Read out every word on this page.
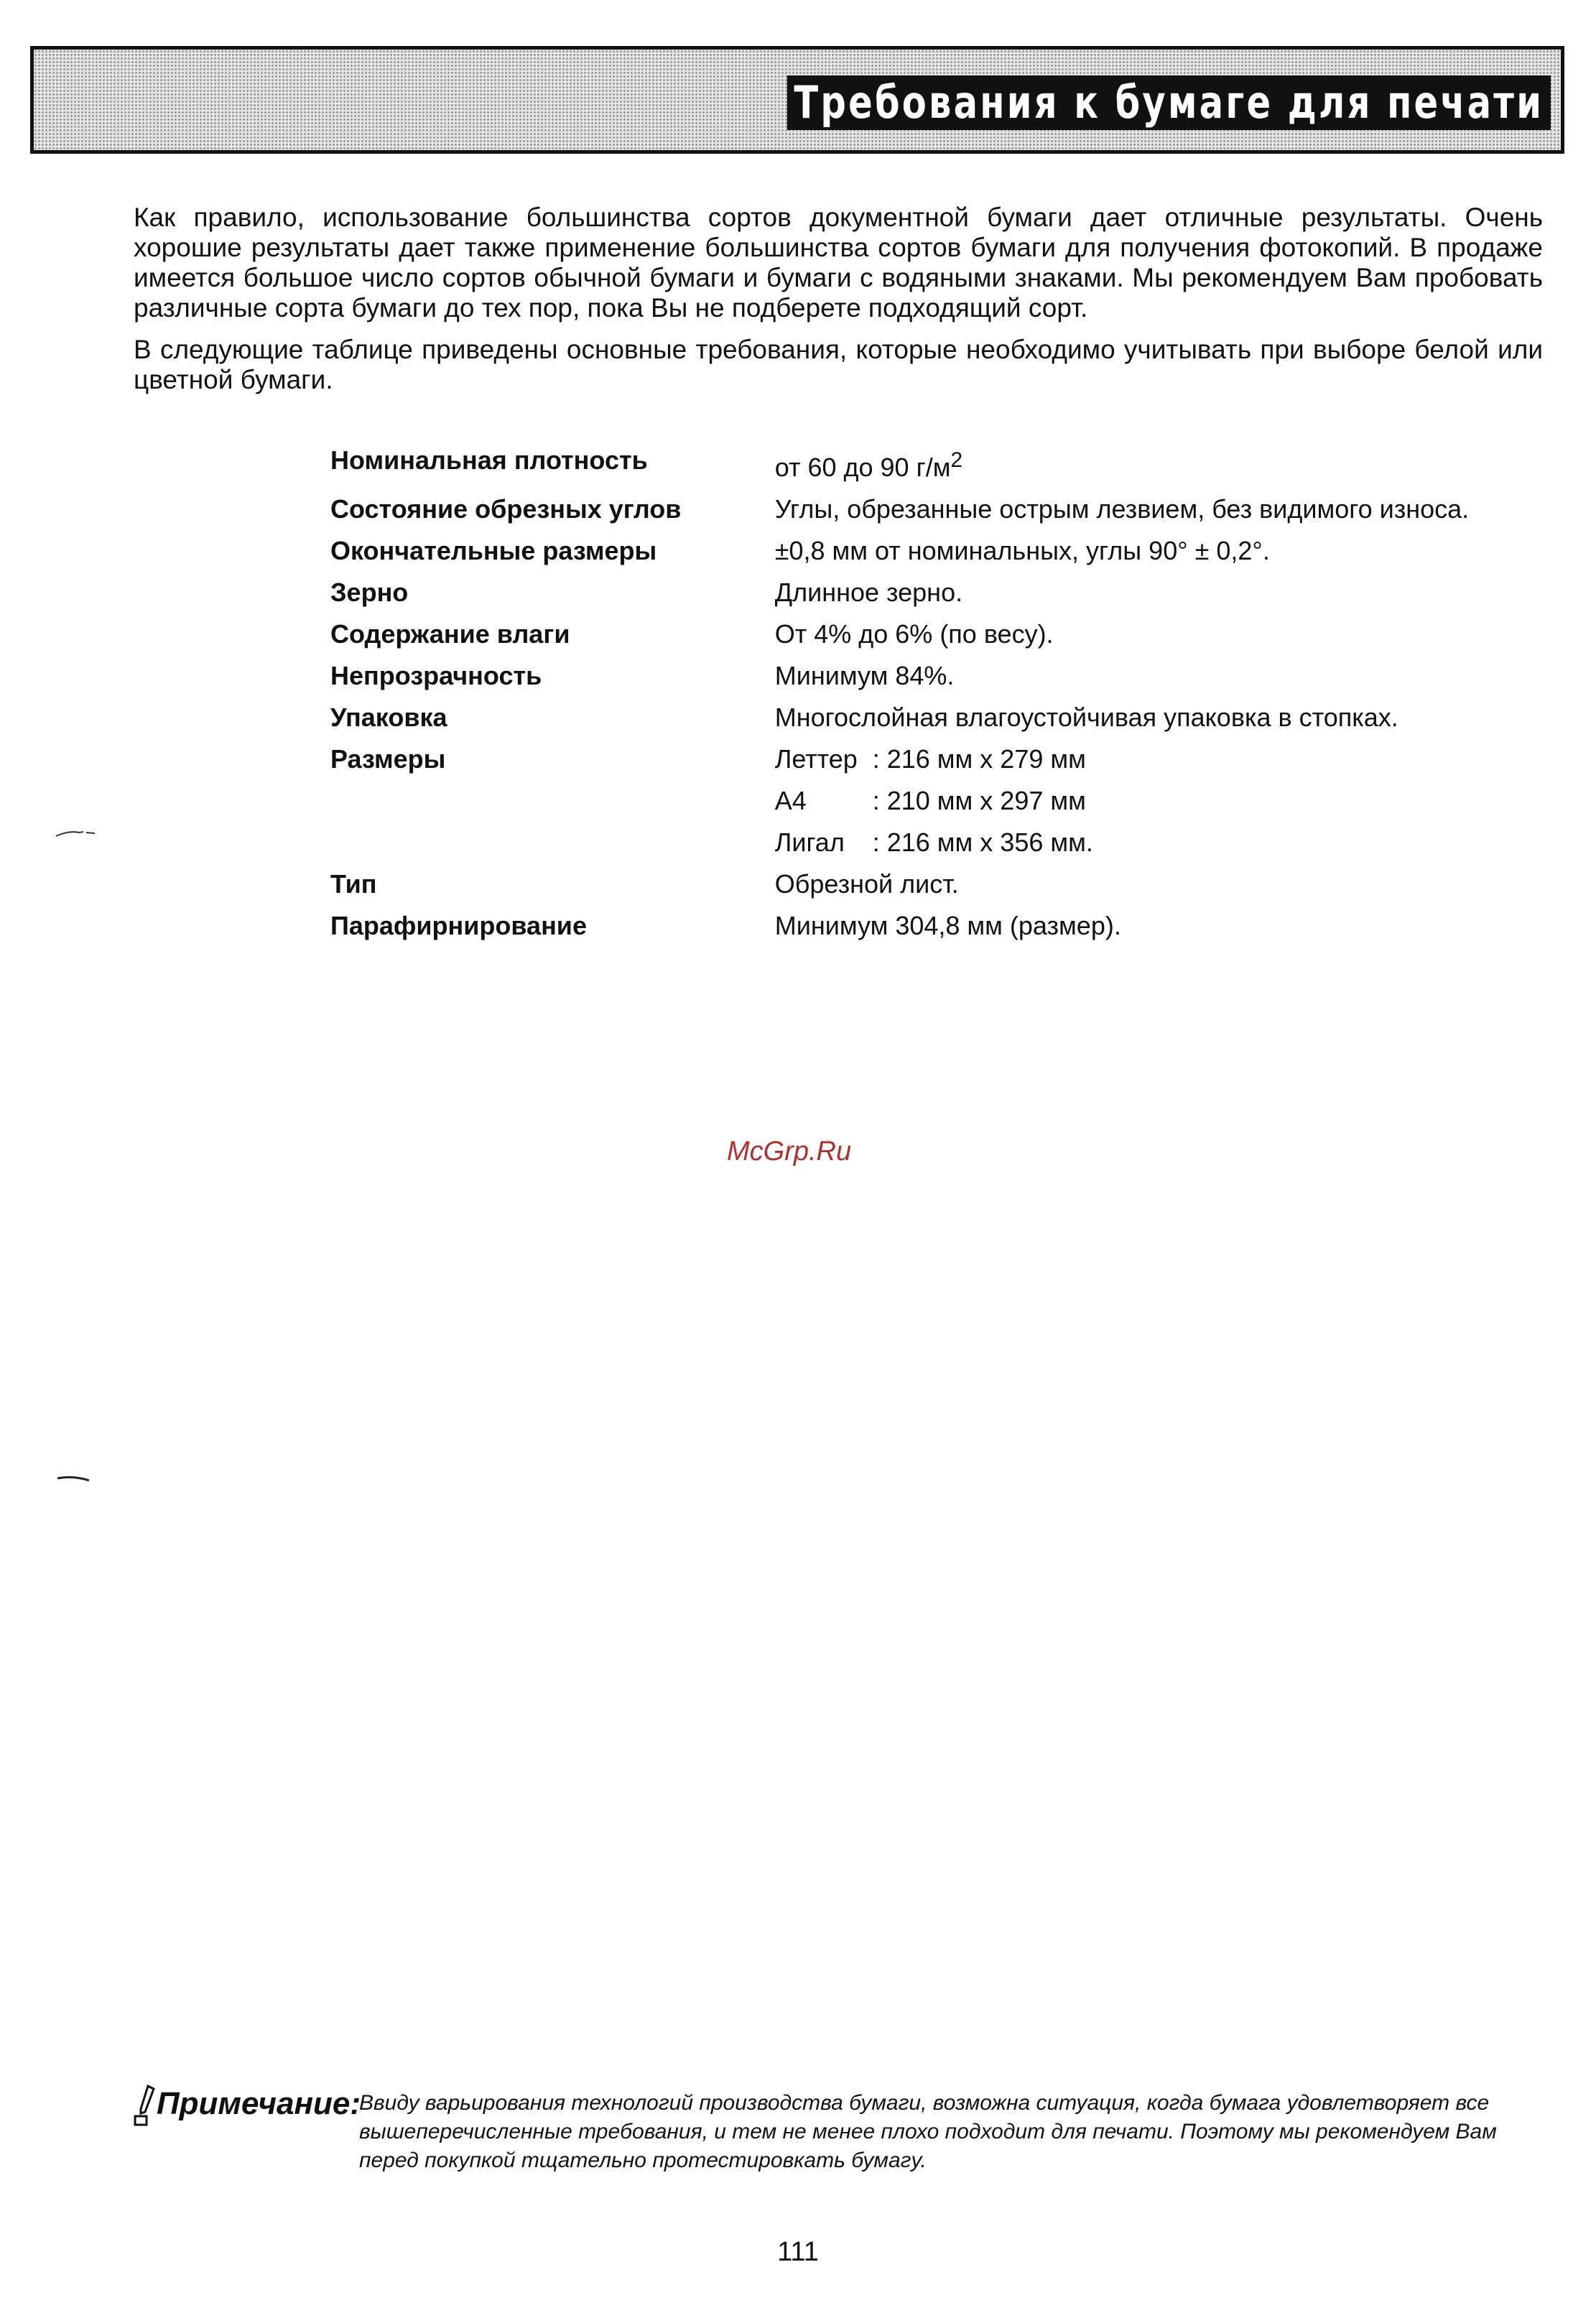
Требования к бумаге для печати

Как правило, использование большинства сортов документной бумаги дает отличные результаты. Очень хорошие результаты дает также применение большинства сортов бумаги для получения фотокопий. В продаже имеется большое число сортов обычной бумаги и бумаги с водяными знаками. Мы рекомендуем Вам пробовать различные сорта бумаги до тех пор, пока Вы не подберете подходящий сорт.

В следующие таблице приведены основные требования, которые необходимо учитывать при выборе белой или цветной бумаги.

Номинальная плотность	от 60 до 90 $г/м^2$
Состояние обрезных углов	Углы, обрезанные острым лезвием, без видимого износа.
Окончательные размеры	±0,8 мм от номинальных, углы 90° ± 0,2°.
Зерно	Длинное зерно.
Содержание влаги	От 4% до 6% (по весу).
Непрозрачность	Минимум 84%.
Упаковка	Многослойная влагоустойчивая упаковка в стопках.
Размеры	Леттер : 216 мм х 279 мм
А4 : 210 мм х 297 мм
Лигал : 216 мм х 356 мм.

Тип	Обрезной лист.
Парафирнирование	Минимум 304,8 мм (размер).
McGrp.Ru
Примечание:

Ввиду варьирования технологий производства бумаги, возможна ситуация, когда бумага удовлетворяет все вышеперечисленные требования, и тем не менее плохо подходит для печати. Поэтому мы рекомендуем Вам перед покупкой тщательно протестировкать бумагу.

111
